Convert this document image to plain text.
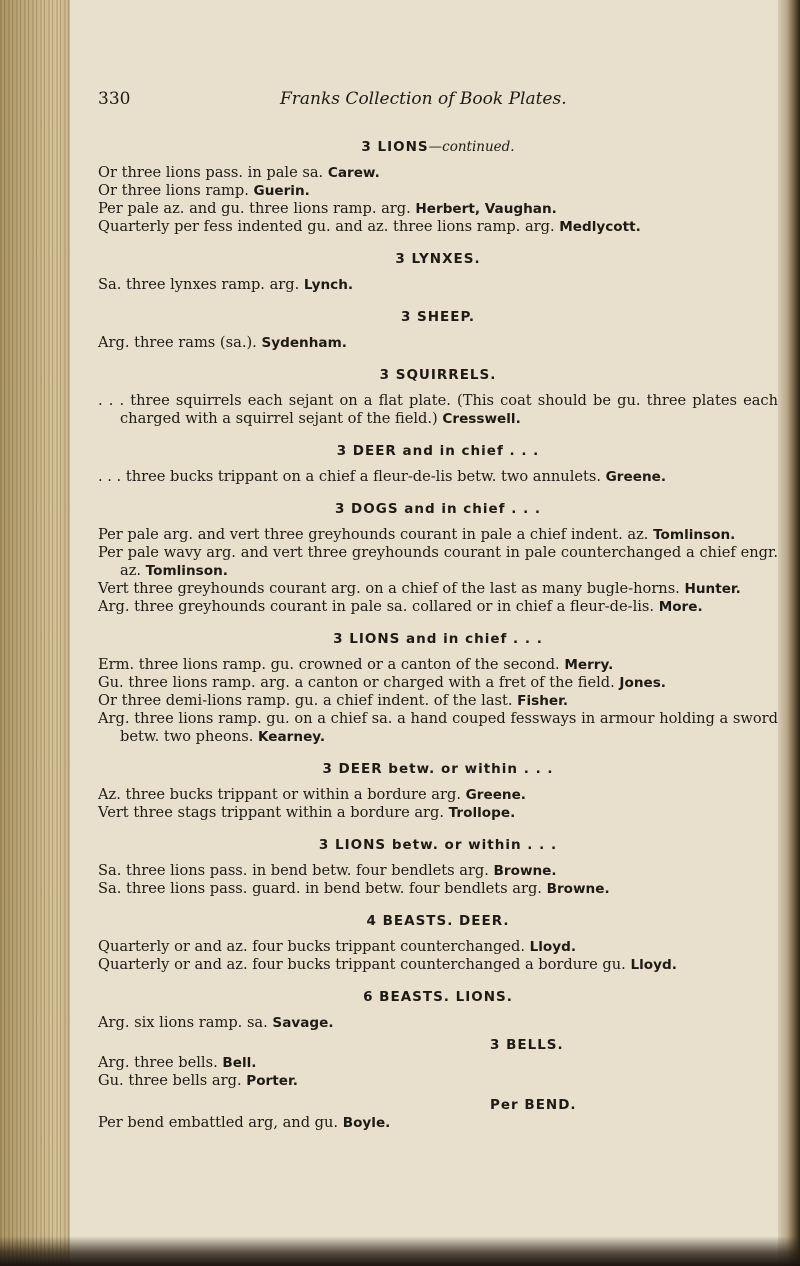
330	Franks Collection of Book Plates.
3 LIONS—continued.

Or three lions pass. in pale sa. Carew.

Or three lions ramp. Guerin.

Per pale az. and gu. three lions ramp. arg. Herbert, Vaughan.

Quarterly per fess indented gu. and az. three lions ramp. arg. Medlycott.

3 LYNXES.

Sa. three lynxes ramp. arg. Lynch.

3 SHEEP.

Arg. three rams (sa.). Sydenham.

3 SQUIRRELS.

. . . three squirrels each sejant on a flat plate. (This coat should be gu. three plates each charged with a squirrel sejant of the field.) Cresswell.

3 DEER and in chief . . .

. . . three bucks trippant on a chief a fleur-de-lis betw. two annulets. Greene.

3 DOGS and in chief . . .

Per pale arg. and vert three greyhounds courant in pale a chief indent. az. Tomlinson.

Per pale wavy arg. and vert three greyhounds courant in pale counterchanged a chief engr. az. Tomlinson.

Vert three greyhounds courant arg. on a chief of the last as many bugle-horns. Hunter.

Arg. three greyhounds courant in pale sa. collared or in chief a fleur-de-lis. More.

3 LIONS and in chief . . .

Erm. three lions ramp. gu. crowned or a canton of the second. Merry.

Gu. three lions ramp. arg. a canton or charged with a fret of the field. Jones.

Or three demi-lions ramp. gu. a chief indent. of the last. Fisher.

Arg. three lions ramp. gu. on a chief sa. a hand couped fessways in armour holding a sword betw. two pheons. Kearney.

3 DEER betw. or within . . .

Az. three bucks trippant or within a bordure arg. Greene.

Vert three stags trippant within a bordure arg. Trollope.

3 LIONS betw. or within . . .

Sa. three lions pass. in bend betw. four bendlets arg. Browne.

Sa. three lions pass. guard. in bend betw. four bendlets arg. Browne.

4 BEASTS. DEER.

Quarterly or and az. four bucks trippant counterchanged. Lloyd.

Quarterly or and az. four bucks trippant counterchanged a bordure gu. Lloyd.

6 BEASTS. LIONS.

Arg. six lions ramp. sa. Savage.

3 BELLS.

Arg. three bells. Bell.

Gu. three bells arg. Porter.

Per BEND.

Per bend embattled arg, and gu. Boyle.
